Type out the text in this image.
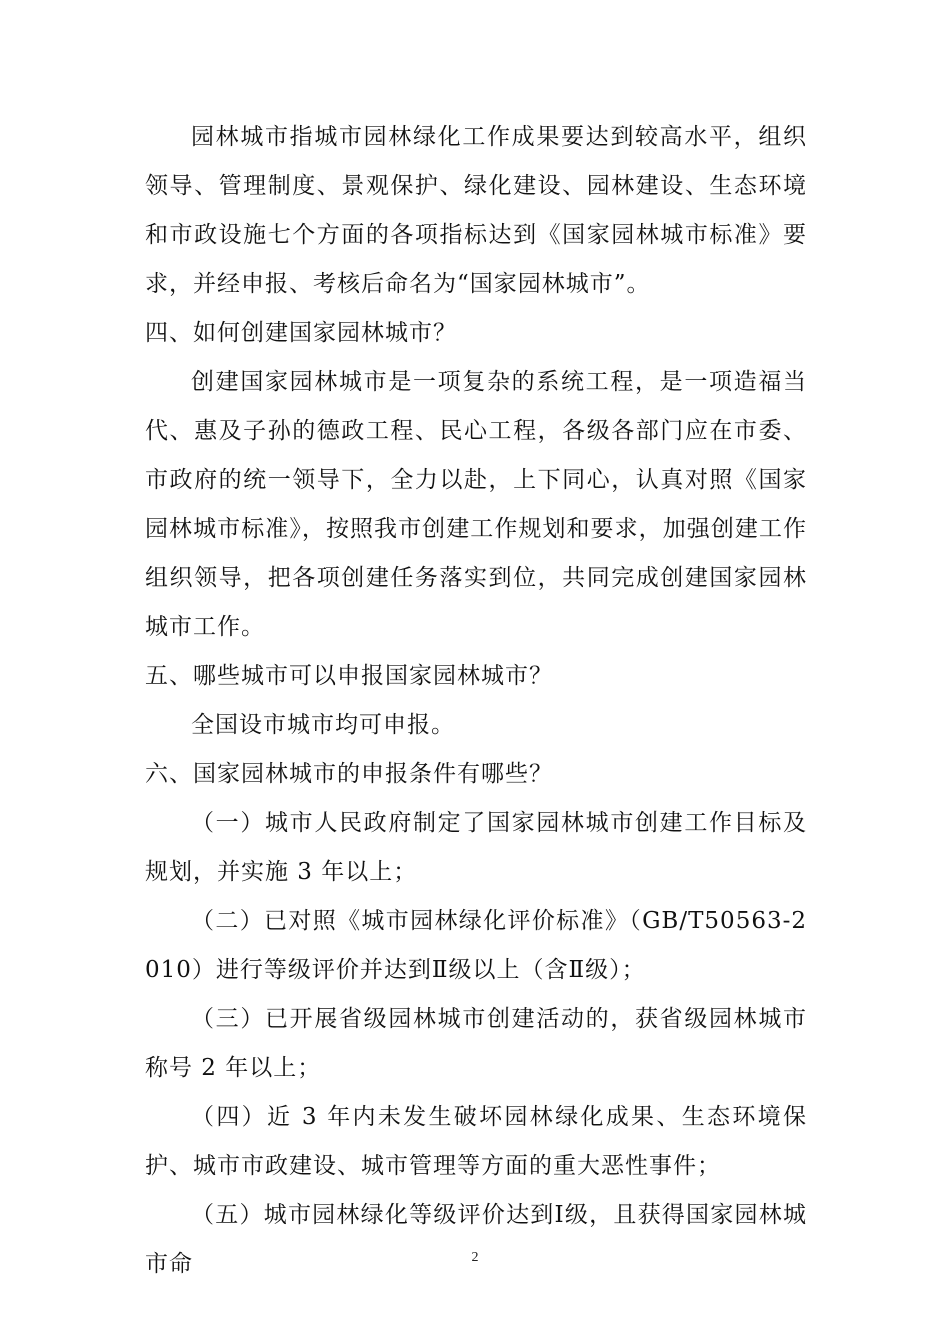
园林城市指城市园林绿化工作成果要达到较高水平，组织领导、管理制度、景观保护、绿化建设、园林建设、生态环境和市政设施七个方面的各项指标达到《国家园林城市标准》要求，并经申报、考核后命名为“国家园林城市”。

四、如何创建国家园林城市？

创建国家园林城市是一项复杂的系统工程，是一项造福当代、惠及子孙的德政工程、民心工程，各级各部门应在市委、市政府的统一领导下，全力以赴，上下同心，认真对照《国家园林城市标准》，按照我市创建工作规划和要求，加强创建工作组织领导，把各项创建任务落实到位，共同完成创建国家园林城市工作。

五、哪些城市可以申报国家园林城市？

全国设市城市均可申报。

六、国家园林城市的申报条件有哪些？

（一）城市人民政府制定了国家园林城市创建工作目标及规划，并实施 3 年以上；

（二）已对照《城市园林绿化评价标准》（GB/T50563-2010）进行等级评价并达到Ⅱ级以上（含Ⅱ级）；

（三）已开展省级园林城市创建活动的，获省级园林城市称号 2 年以上；

（四）近 3 年内未发生破坏园林绿化成果、生态环境保护、城市市政建设、城市管理等方面的重大恶性事件；

（五）城市园林绿化等级评价达到Ⅰ级，且获得国家园林城市命	2
